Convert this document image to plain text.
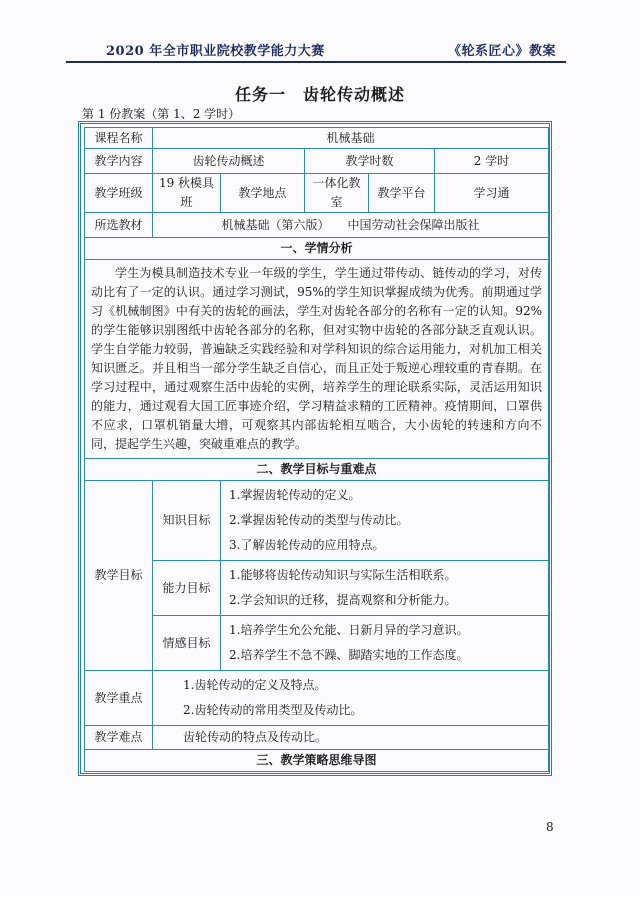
2020 年全市职业院校教学能力大赛	《轮系匠心》教案
任务一　齿轮传动概述
第 1 份教案（第 1、2 学时）
课程名称	机械基础				
教学内容	齿轮传动概述		教学时数		2 学时
教学班级	19 秋模具班	教学地点	一体化教室	教学平台	学习通
所选教材	机械基础（第六版）　　中国劳动社会保障出版社				
一、学情分析					
学生为模具制造技术专业一年级的学生，学生通过带传动、链传动的学习，对传动比有了一定的认识。通过学习测试，95%的学生知识掌握成绩为优秀。前期通过学习《机械制图》中有关的齿轮的画法，学生对齿轮各部分的名称有一定的认知。92%的学生能够识别图纸中齿轮各部分的名称，但对实物中齿轮的各部分缺乏直观认识。学生自学能力较弱，普遍缺乏实践经验和对学科知识的综合运用能力，对机加工相关知识匮乏。并且相当一部分学生缺乏自信心，而且正处于叛逆心理较重的青春期。在学习过程中，通过观察生活中齿轮的实例，培养学生的理论联系实际，灵活运用知识的能力，通过观看大国工匠事迹介绍，学习精益求精的工匠精神。疫情期间，口罩供不应求，口罩机销量大增，可观察其内部齿轮相互啮合，大小齿轮的转速和方向不同，提起学生兴趣，突破重难点的教学。					
二、教学目标与重难点					
教学目标	知识目标	1.掌握齿轮传动的定义。
2.掌握齿轮传动的类型与传动比。
3.了解齿轮传动的应用特点。			

	能力目标	1.能够将齿轮传动知识与实际生活相联系。
2.学会知识的迁移，提高观察和分析能力。			

	情感目标	1.培养学生允公允能、日新月异的学习意识。
2.培养学生不急不躁、脚踏实地的工作态度。			

教学重点	1.齿轮传动的定义及特点。
2.齿轮传动的常用类型及传动比。				

教学难点	齿轮传动的特点及传动比。				
三、教学策略思维导图					
8
